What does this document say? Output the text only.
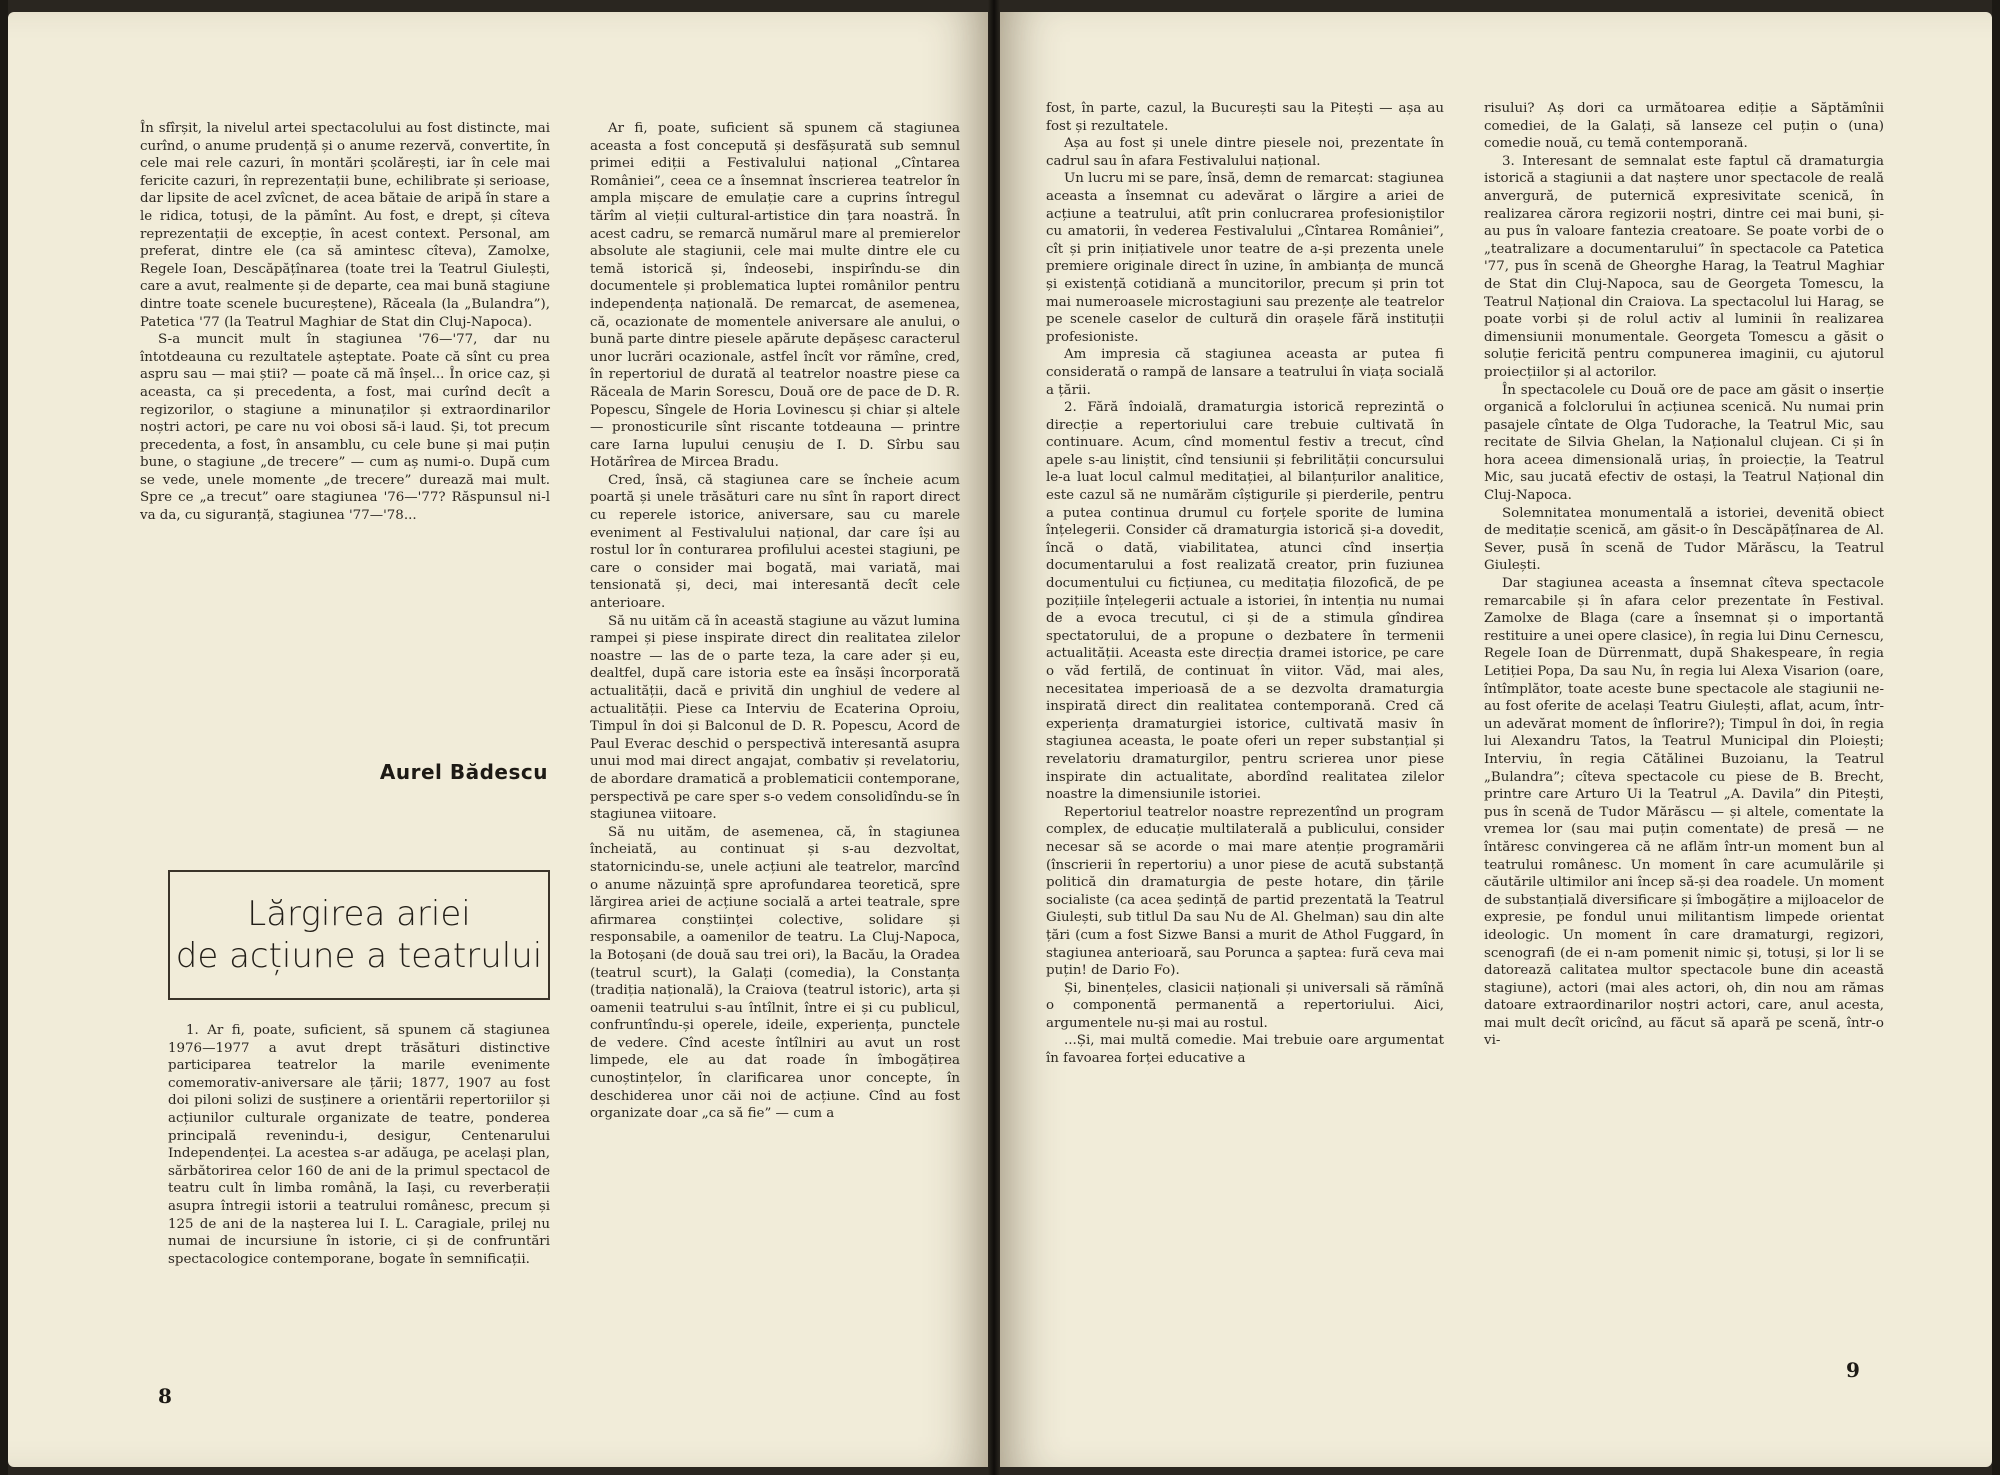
În sfîrșit, la nivelul artei spectacolului au fost distincte, mai curînd, o anume prudență și o anume rezervă, convertite, în cele mai rele cazuri, în montări școlărești, iar în cele mai fericite cazuri, în reprezentații bune, echilibrate și serioase, dar lipsite de acel zvîcnet, de acea bătaie de aripă în stare a le ridica, totuși, de la pămînt. Au fost, e drept, și cîteva reprezentații de excepție, în acest context. Personal, am preferat, dintre ele (ca să amintesc cîteva), Zamolxe, Regele Ioan, Descăpățînarea (toate trei la Teatrul Giulești, care a avut, realmente și de departe, cea mai bună stagiune dintre toate scenele bucureștene), Răceala (la „Bulandra”), Patetica '77 (la Teatrul Maghiar de Stat din Cluj-Napoca).

S-a muncit mult în stagiunea '76—'77, dar nu întotdeauna cu rezultatele așteptate. Poate că sînt cu prea aspru sau — mai știi? — poate că mă înșel... În orice caz, și aceasta, ca și precedenta, a fost, mai curînd decît a regizorilor, o stagiune a minunaților și extraordinarilor noștri actori, pe care nu voi obosi să-i laud. Și, tot precum precedenta, a fost, în ansamblu, cu cele bune și mai puțin bune, o stagiune „de trecere” — cum aș numi-o. După cum se vede, unele momente „de trecere” durează mai mult. Spre ce „a trecut” oare stagiunea '76—'77? Răspunsul ni-l va da, cu siguranță, stagiunea '77—'78...

Aurel Bădescu
Lărgirea ariei
de acțiune a teatrului

1. Ar fi, poate, suficient, să spunem că stagiunea 1976—1977 a avut drept trăsături distinctive participarea teatrelor la marile evenimente comemorativ-aniversare ale țării; 1877, 1907 au fost doi piloni solizi de susținere a orientării repertoriilor și acțiunilor culturale organizate de teatre, ponderea principală revenindu-i, desigur, Centenarului Independenței. La acestea s-ar adăuga, pe același plan, sărbătorirea celor 160 de ani de la primul spectacol de teatru cult în limba română, la Iași, cu reverberații asupra întregii istorii a teatrului românesc, precum și 125 de ani de la nașterea lui I. L. Caragiale, prilej nu numai de incursiune în istorie, ci și de confruntări spectacologice contemporane, bogate în semnificații.

Ar fi, poate, suficient să spunem că stagiunea aceasta a fost concepută și desfășurată sub semnul primei ediții a Festivalului național „Cîntarea României”, ceea ce a însemnat înscrierea teatrelor în ampla mișcare de emulație care a cuprins întregul tărîm al vieții cultural-artistice din țara noastră. În acest cadru, se remarcă numărul mare al premierelor absolute ale stagiunii, cele mai multe dintre ele cu temă istorică și, îndeosebi, inspirîndu-se din documentele și problematica luptei românilor pentru independența națională. De remarcat, de asemenea, că, ocazionate de momentele aniversare ale anului, o bună parte dintre piesele apărute depășesc caracterul unor lucrări ocazionale, astfel încît vor rămîne, cred, în repertoriul de durată al teatrelor noastre piese ca Răceala de Marin Sorescu, Două ore de pace de D. R. Popescu, Sîngele de Horia Lovinescu și chiar și altele — pronosticurile sînt riscante totdeauna — printre care Iarna lupului cenușiu de I. D. Sîrbu sau Hotărîrea de Mircea Bradu.

Cred, însă, că stagiunea care se încheie acum poartă și unele trăsături care nu sînt în raport direct cu reperele istorice, aniversare, sau cu marele eveniment al Festivalului național, dar care își au rostul lor în conturarea profilului acestei stagiuni, pe care o consider mai bogată, mai variată, mai tensionată și, deci, mai interesantă decît cele anterioare.

Să nu uităm că în această stagiune au văzut lumina rampei și piese inspirate direct din realitatea zilelor noastre — las de o parte teza, la care ader și eu, dealtfel, după care istoria este ea însăși încorporată actualității, dacă e privită din unghiul de vedere al actualității. Piese ca Interviu de Ecaterina Oproiu, Timpul în doi și Balconul de D. R. Popescu, Acord de Paul Everac deschid o perspectivă interesantă asupra unui mod mai direct angajat, combativ și revelatoriu, de abordare dramatică a problematicii contemporane, perspectivă pe care sper s-o vedem consolidîndu-se în stagiunea viitoare.

Să nu uităm, de asemenea, că, în stagiunea încheiată, au continuat și s-au dezvoltat, statornicindu-se, unele acțiuni ale teatrelor, marcînd o anume năzuință spre aprofundarea teoretică, spre lărgirea ariei de acțiune socială a artei teatrale, spre afirmarea conștiinței colective, solidare și responsabile, a oamenilor de teatru. La Cluj-Napoca, la Botoșani (de două sau trei ori), la Bacău, la Oradea (teatrul scurt), la Galați (comedia), la Constanța (tradiția națională), la Craiova (teatrul istoric), arta și oamenii teatrului s-au întîlnit, între ei și cu publicul, confruntîndu-și operele, ideile, experiența, punctele de vedere. Cînd aceste întîlniri au avut un rost limpede, ele au dat roade în îmbogățirea cunoștințelor, în clarificarea unor concepte, în deschiderea unor căi noi de acțiune. Cînd au fost organizate doar „ca să fie” — cum a

8

fost, în parte, cazul, la București sau la Pitești — așa au fost și rezultatele.

Așa au fost și unele dintre piesele noi, prezentate în cadrul sau în afara Festivalului național.

Un lucru mi se pare, însă, demn de remarcat: stagiunea aceasta a însemnat cu adevărat o lărgire a ariei de acțiune a teatrului, atît prin conlucrarea profesioniștilor cu amatorii, în vederea Festivalului „Cîntarea României”, cît și prin inițiativele unor teatre de a-și prezenta unele premiere originale direct în uzine, în ambianța de muncă și existență cotidiană a muncitorilor, precum și prin tot mai numeroasele microstagiuni sau prezențe ale teatrelor pe scenele caselor de cultură din orașele fără instituții profesioniste.

Am impresia că stagiunea aceasta ar putea fi considerată o rampă de lansare a teatrului în viața socială a țării.

2. Fără îndoială, dramaturgia istorică reprezintă o direcție a repertoriului care trebuie cultivată în continuare. Acum, cînd momentul festiv a trecut, cînd apele s-au liniștit, cînd tensiunii și febrilității concursului le-a luat locul calmul meditației, al bilanțurilor analitice, este cazul să ne numărăm cîștigurile și pierderile, pentru a putea continua drumul cu forțele sporite de lumina înțelegerii. Consider că dramaturgia istorică și-a dovedit, încă o dată, viabilitatea, atunci cînd inserția documentarului a fost realizată creator, prin fuziunea documentului cu ficțiunea, cu meditația filozofică, de pe pozițiile înțelegerii actuale a istoriei, în intenția nu numai de a evoca trecutul, ci și de a stimula gîndirea spectatorului, de a propune o dezbatere în termenii actualității. Aceasta este direcția dramei istorice, pe care o văd fertilă, de continuat în viitor. Văd, mai ales, necesitatea imperioasă de a se dezvolta dramaturgia inspirată direct din realitatea contemporană. Cred că experiența dramaturgiei istorice, cultivată masiv în stagiunea aceasta, le poate oferi un reper substanțial și revelatoriu dramaturgilor, pentru scrierea unor piese inspirate din actualitate, abordînd realitatea zilelor noastre la dimensiunile istoriei.

Repertoriul teatrelor noastre reprezentînd un program complex, de educație multilaterală a publicului, consider necesar să se acorde o mai mare atenție programării (înscrierii în repertoriu) a unor piese de acută substanță politică din dramaturgia de peste hotare, din țările socialiste (ca acea ședință de partid prezentată la Teatrul Giulești, sub titlul Da sau Nu de Al. Ghelman) sau din alte țări (cum a fost Sizwe Bansi a murit de Athol Fuggard, în stagiunea anterioară, sau Porunca a șaptea: fură ceva mai puțin! de Dario Fo).

Și, binențeles, clasicii naționali și universali să rămînă o componentă permanentă a repertoriului. Aici, argumentele nu-și mai au rostul.

...Și, mai multă comedie. Mai trebuie oare argumentat în favoarea forței educative a

risului? Aș dori ca următoarea ediție a Săptămînii comediei, de la Galați, să lanseze cel puțin o (una) comedie nouă, cu temă contemporană.

3. Interesant de semnalat este faptul că dramaturgia istorică a stagiunii a dat naștere unor spectacole de reală anvergură, de puternică expresivitate scenică, în realizarea cărora regizorii noștri, dintre cei mai buni, și-au pus în valoare fantezia creatoare. Se poate vorbi de o „teatralizare a documentarului” în spectacole ca Patetica '77, pus în scenă de Gheorghe Harag, la Teatrul Maghiar de Stat din Cluj-Napoca, sau de Georgeta Tomescu, la Teatrul Național din Craiova. La spectacolul lui Harag, se poate vorbi și de rolul activ al luminii în realizarea dimensiunii monumentale. Georgeta Tomescu a găsit o soluție fericită pentru compunerea imaginii, cu ajutorul proiecțiilor și al actorilor.

În spectacolele cu Două ore de pace am găsit o inserție organică a folclorului în acțiunea scenică. Nu numai prin pasajele cîntate de Olga Tudorache, la Teatrul Mic, sau recitate de Silvia Ghelan, la Naționalul clujean. Ci și în hora aceea dimensională uriaș, în proiecție, la Teatrul Mic, sau jucată efectiv de ostași, la Teatrul Național din Cluj-Napoca.

Solemnitatea monumentală a istoriei, devenită obiect de meditație scenică, am găsit-o în Descăpățînarea de Al. Sever, pusă în scenă de Tudor Mărăscu, la Teatrul Giulești.

Dar stagiunea aceasta a însemnat cîteva spectacole remarcabile și în afara celor prezentate în Festival. Zamolxe de Blaga (care a însemnat și o importantă restituire a unei opere clasice), în regia lui Dinu Cernescu, Regele Ioan de Dürrenmatt, după Shakespeare, în regia Letiției Popa, Da sau Nu, în regia lui Alexa Visarion (oare, întîmplător, toate aceste bune spectacole ale stagiunii ne-au fost oferite de același Teatru Giulești, aflat, acum, într-un adevărat moment de înflorire?); Timpul în doi, în regia lui Alexandru Tatos, la Teatrul Municipal din Ploiești; Interviu, în regia Cătălinei Buzoianu, la Teatrul „Bulandra”; cîteva spectacole cu piese de B. Brecht, printre care Arturo Ui la Teatrul „A. Davila” din Pitești, pus în scenă de Tudor Mărăscu — și altele, comentate la vremea lor (sau mai puțin comentate) de presă — ne întăresc convingerea că ne aflăm într-un moment bun al teatrului românesc. Un moment în care acumulările și căutările ultimilor ani încep să-și dea roadele. Un moment de substanțială diversificare și îmbogățire a mijloacelor de expresie, pe fondul unui militantism limpede orientat ideologic. Un moment în care dramaturgi, regizori, scenografi (de ei n-am pomenit nimic și, totuși, și lor li se datorează calitatea multor spectacole bune din această stagiune), actori (mai ales actori, oh, din nou am rămas datoare extraordinarilor noștri actori, care, anul acesta, mai mult decît oricînd, au făcut să apară pe scenă, într-o vi-

9
